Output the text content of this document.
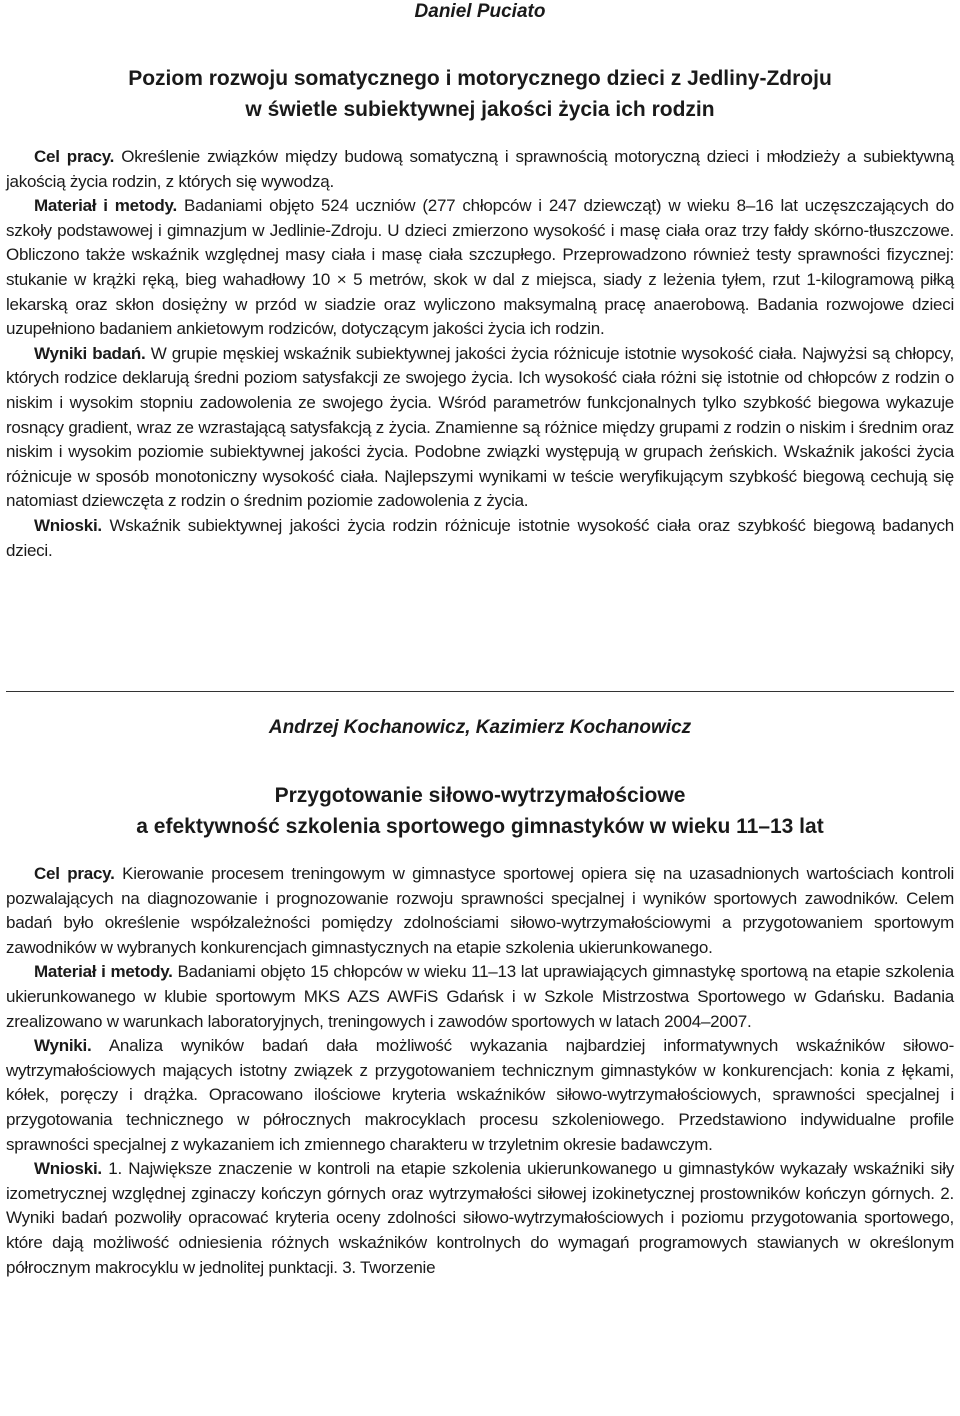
Daniel Puciato
Poziom rozwoju somatycznego i motorycznego dzieci z Jedliny-Zdroju
w świetle subiektywnej jakości życia ich rodzin

Cel pracy. Określenie związków między budową somatyczną i sprawnością motoryczną dzieci i młodzieży a subiektywną jakością życia rodzin, z których się wywodzą.

Materiał i metody. Badaniami objęto 524 uczniów (277 chłopców i 247 dziewcząt) w wieku 8–16 lat uczęszczających do szkoły podstawowej i gimnazjum w Jedlinie-Zdroju. U dzieci zmierzono wysokość i masę ciała oraz trzy fałdy skórno-tłuszczowe. Obliczono także wskaźnik względnej masy ciała i masę ciała szczupłego. Przeprowadzono również testy sprawności fizycznej: stukanie w krążki ręką, bieg wahadłowy 10 × 5 metrów, skok w dal z miejsca, siady z leżenia tyłem, rzut 1-kilogramową piłką lekarską oraz skłon dosiężny w przód w siadzie oraz wyliczono maksymalną pracę anaerobową. Badania rozwojowe dzieci uzupełniono badaniem ankietowym rodziców, dotyczącym jakości życia ich rodzin.

Wyniki badań. W grupie męskiej wskaźnik subiektywnej jakości życia różnicuje istotnie wysokość ciała. Najwyżsi są chłopcy, których rodzice deklarują średni poziom satysfakcji ze swojego życia. Ich wysokość ciała różni się istotnie od chłopców z rodzin o niskim i wysokim stopniu zadowolenia ze swojego życia. Wśród parametrów funkcjonalnych tylko szybkość biegowa wykazuje rosnący gradient, wraz ze wzrastającą satysfakcją z życia. Znamienne są różnice między grupami z rodzin o niskim i średnim oraz niskim i wysokim poziomie subiektywnej jakości życia. Podobne związki występują w grupach żeńskich. Wskaźnik jakości życia różnicuje w sposób monotoniczny wysokość ciała. Najlepszymi wynikami w teście weryfikującym szybkość biegową cechują się natomiast dziewczęta z rodzin o średnim poziomie zadowolenia z życia.

Wnioski. Wskaźnik subiektywnej jakości życia rodzin różnicuje istotnie wysokość ciała oraz szybkość biegową badanych dzieci.

Andrzej Kochanowicz, Kazimierz Kochanowicz
Przygotowanie siłowo-wytrzymałościowe
a efektywność szkolenia sportowego gimnastyków w wieku 11–13 lat

Cel pracy. Kierowanie procesem treningowym w gimnastyce sportowej opiera się na uzasadnionych wartościach kontroli pozwalających na diagnozowanie i prognozowanie rozwoju sprawności specjalnej i wyników sportowych zawodników. Celem badań było określenie współzależności pomiędzy zdolnościami siłowo-wytrzymałościowymi a przygotowaniem sportowym zawodników w wybranych konkurencjach gimnastycznych na etapie szkolenia ukierunkowanego.

Materiał i metody. Badaniami objęto 15 chłopców w wieku 11–13 lat uprawiających gimnastykę sportową na etapie szkolenia ukierunkowanego w klubie sportowym MKS AZS AWFiS Gdańsk i w Szkole Mistrzostwa Sportowego w Gdańsku. Badania zrealizowano w warunkach laboratoryjnych, treningowych i zawodów sportowych w latach 2004–2007.

Wyniki. Analiza wyników badań dała możliwość wykazania najbardziej informatywnych wskaźników siłowo-wytrzymałościowych mających istotny związek z przygotowaniem technicznym gimnastyków w konkurencjach: konia z łękami, kółek, poręczy i drążka. Opracowano ilościowe kryteria wskaźników siłowo-wytrzymałościowych, sprawności specjalnej i przygotowania technicznego w półrocznych makrocyklach procesu szkoleniowego. Przedstawiono indywidualne profile sprawności specjalnej z wykazaniem ich zmiennego charakteru w trzyletnim okresie badawczym.

Wnioski. 1. Największe znaczenie w kontroli na etapie szkolenia ukierunkowanego u gimnastyków wykazały wskaźniki siły izometrycznej względnej zginaczy kończyn górnych oraz wytrzymałości siłowej izokinetycznej prostowników kończyn górnych. 2. Wyniki badań pozwoliły opracować kryteria oceny zdolności siłowo-wytrzymałościowych i poziomu przygotowania sportowego, które dają możliwość odniesienia różnych wskaźników kontrolnych do wymagań programowych stawianych w określonym półrocznym makrocyklu w jednolitej punktacji. 3. Tworzenie
